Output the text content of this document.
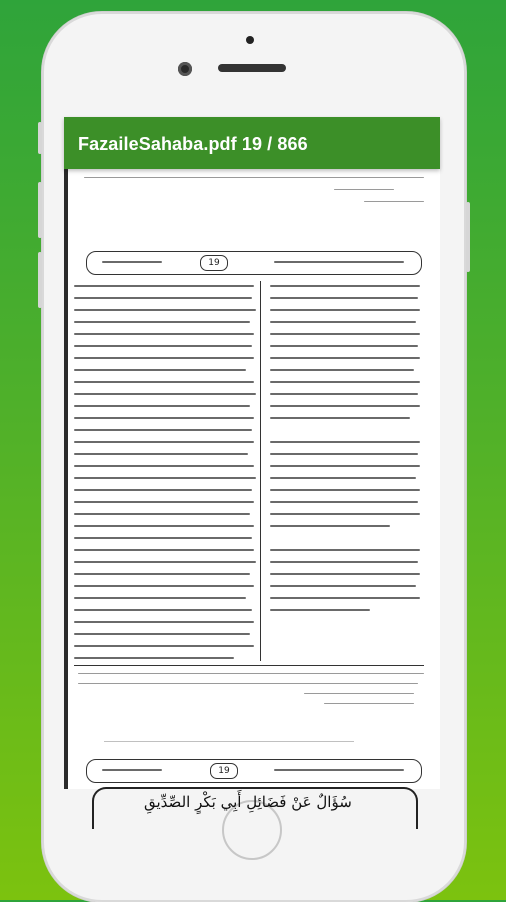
FazaileSahaba.pdf 19 / 866
19
19
سُؤَالٌ عَنْ فَضَائِلِ أَبِي بَكْرٍ الصِّدِّيقِ
